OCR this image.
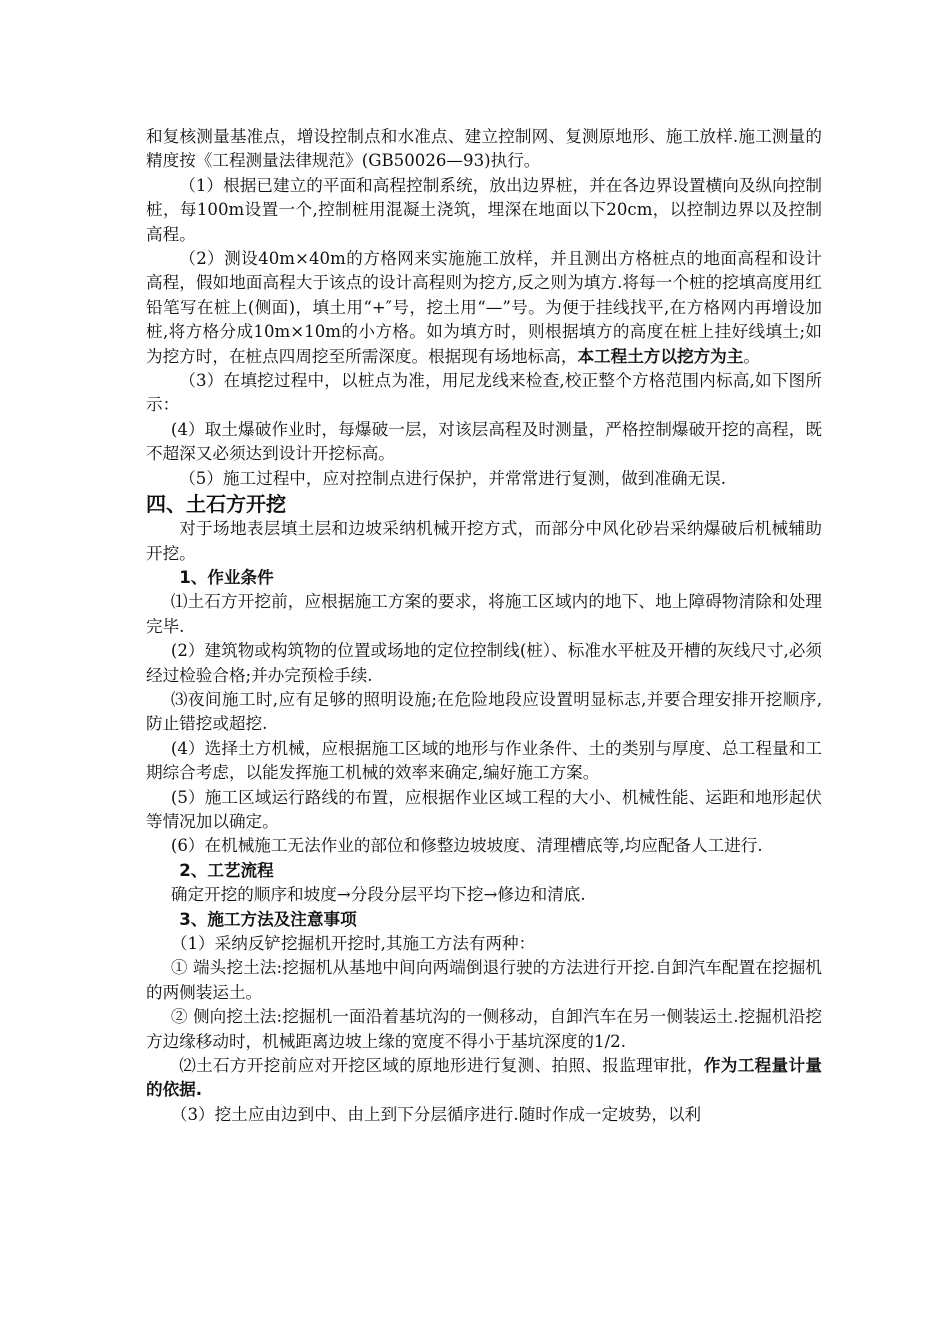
和复核测量基准点，增设控制点和水准点、建立控制网、复测原地形、施工放样.施工测量的精度按《工程测量法律规范》(GB50026—93)执行。

（1）根据已建立的平面和高程控制系统，放出边界桩，并在各边界设置横向及纵向控制桩，每100m设置一个,控制桩用混凝土浇筑，埋深在地面以下20cm，以控制边界以及控制高程。

（2）测设40m×40m的方格网来实施施工放样，并且测出方格桩点的地面高程和设计高程，假如地面高程大于该点的设计高程则为挖方,反之则为填方.将每一个桩的挖填高度用红铅笔写在桩上(侧面)，填土用“+″号，挖土用“—”号。为便于挂线找平,在方格网内再增设加桩,将方格分成10m×10m的小方格。如为填方时，则根据填方的高度在桩上挂好线填土;如为挖方时，在桩点四周挖至所需深度。根据现有场地标高，本工程土方以挖方为主。

（3）在填挖过程中，以桩点为准，用尼龙线来检查,校正整个方格范围内标高,如下图所示：

(4）取土爆破作业时，每爆破一层，对该层高程及时测量，严格控制爆破开挖的高程，既不超深又必须达到设计开挖标高。

（5）施工过程中，应对控制点进行保护，并常常进行复测，做到准确无误.

四、土石方开挖

对于场地表层填土层和边坡采纳机械开挖方式，而部分中风化砂岩采纳爆破后机械辅助开挖。

1、作业条件

⑴土石方开挖前，应根据施工方案的要求，将施工区域内的地下、地上障碍物清除和处理完毕.

(2）建筑物或构筑物的位置或场地的定位控制线(桩）、标准水平桩及开槽的灰线尺寸,必须经过检验合格;并办完预检手续.

⑶夜间施工时,应有足够的照明设施;在危险地段应设置明显标志,并要合理安排开挖顺序,防止错挖或超挖.

(4）选择土方机械，应根据施工区域的地形与作业条件、土的类别与厚度、总工程量和工期综合考虑，以能发挥施工机械的效率来确定,编好施工方案。

(5）施工区域运行路线的布置，应根据作业区域工程的大小、机械性能、运距和地形起伏等情况加以确定。

(6）在机械施工无法作业的部位和修整边坡坡度、清理槽底等,均应配备人工进行.

2、工艺流程

确定开挖的顺序和坡度→分段分层平均下挖→修边和清底.

3、施工方法及注意事项

（1）采纳反铲挖掘机开挖时,其施工方法有两种：

① 端头挖土法:挖掘机从基地中间向两端倒退行驶的方法进行开挖.自卸汽车配置在挖掘机的两侧装运土。

② 侧向挖土法:挖掘机一面沿着基坑沟的一侧移动，自卸汽车在另一侧装运土.挖掘机沿挖方边缘移动时，机械距离边坡上缘的宽度不得小于基坑深度的1/2.

⑵土石方开挖前应对开挖区域的原地形进行复测、拍照、报监理审批，作为工程量计量的依据.

（3）挖土应由边到中、由上到下分层循序进行.随时作成一定坡势，以利
